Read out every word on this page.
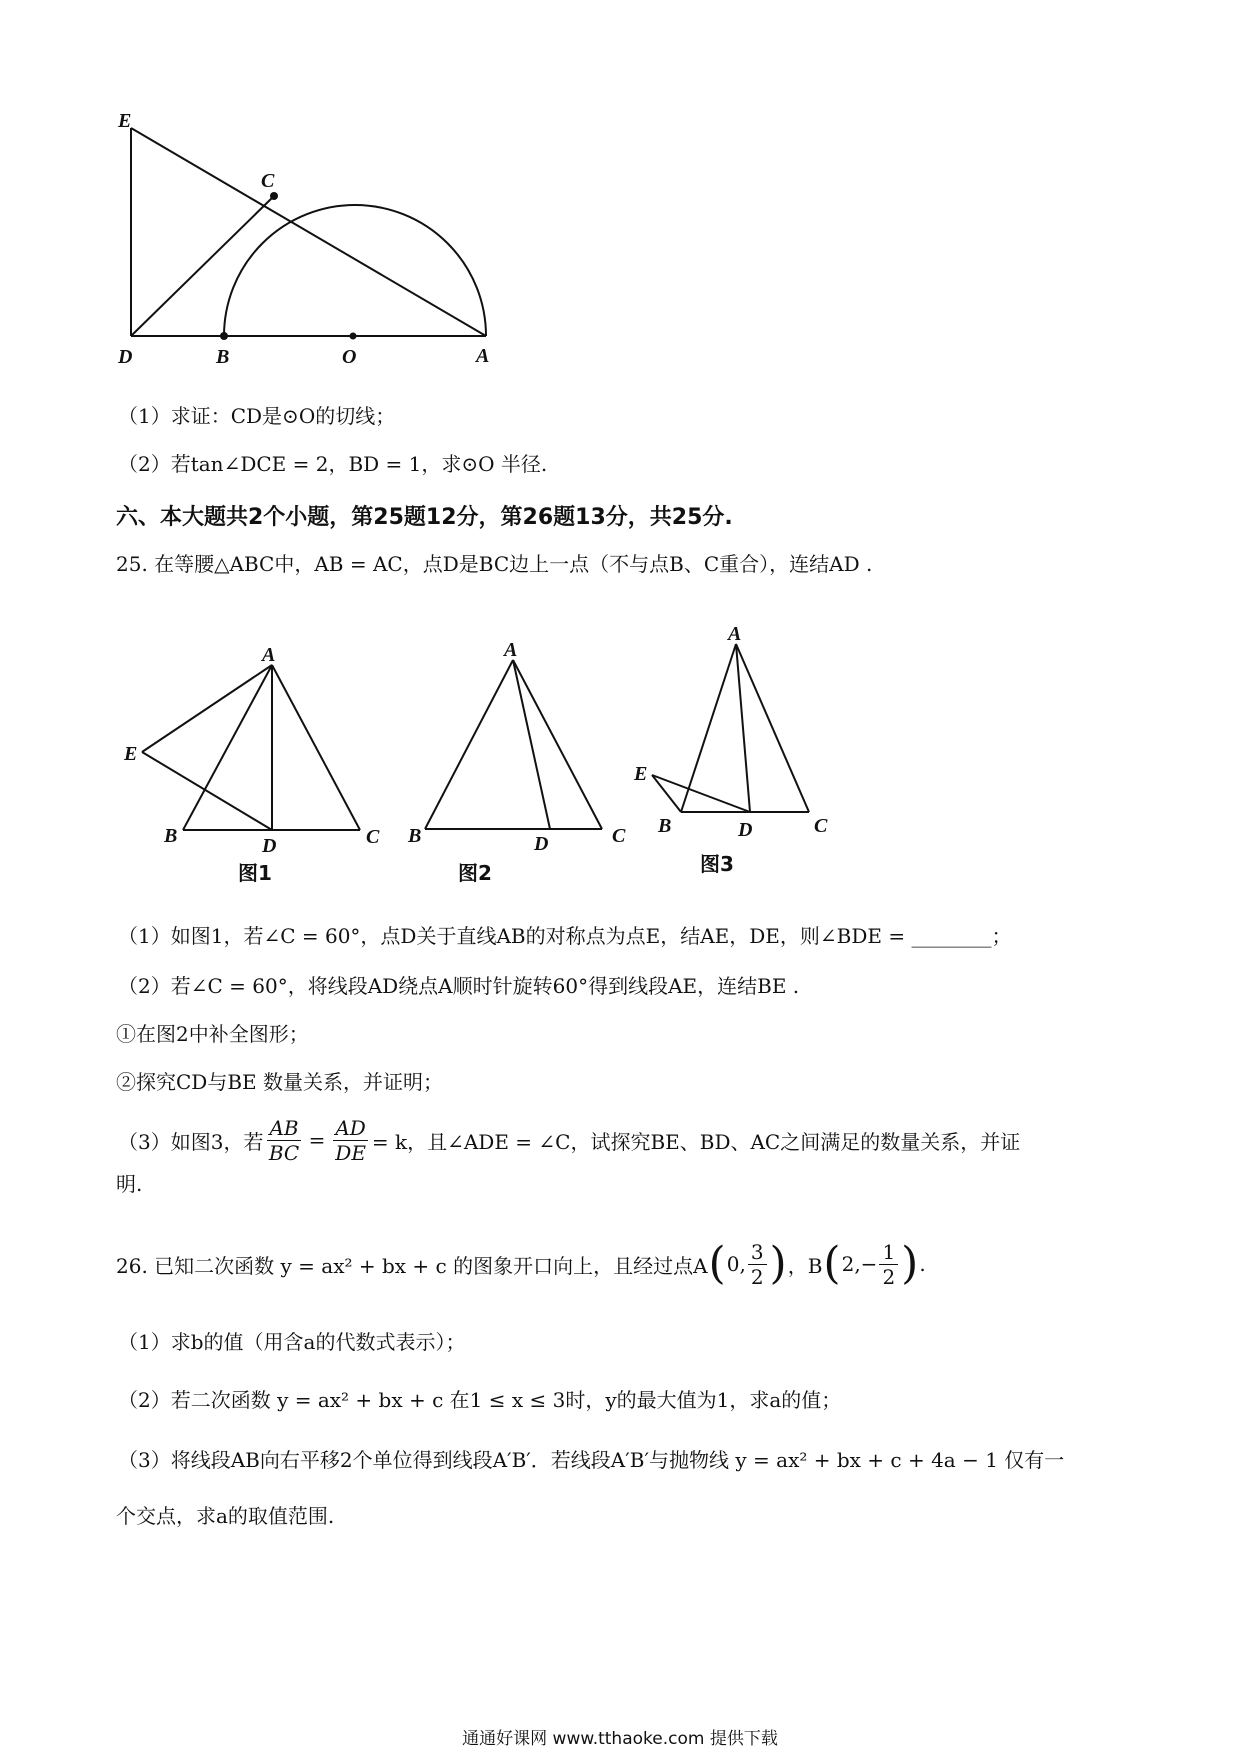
E
C
D	B	O	A
（1）求证：CD是⊙O的切线；
（2）若tan∠DCE = 2，BD = 1，求⊙O 半径.
六、本大题共2个小题，第25题12分，第26题13分，共25分.
25. 在等腰△ABC中，AB = AC，点D是BC边上一点（不与点B、C重合），连结AD .
A
E
B	D	C
图1
A
B	D	C
图2
A
E
B	D	C
图3
（1）如图1，若∠C = 60°，点D关于直线AB的对称点为点E，结AE，DE，则∠BDE = ________；
（2）若∠C = 60°，将线段AD绕点A顺时针旋转60°得到线段AE，连结BE .
①在图2中补全图形；
②探究CD与BE 数量关系，并证明；
（3）如图3，若 $\frac{AB}{BC} = \frac{AD}{DE} = k$，且∠ADE = ∠C，试探究BE、BD、AC之间满足的数量关系，并证
明.
26. 已知二次函数 y = ax² + bx + c 的图象开口向上，且经过点A ( 0, $\frac{3}{2}$ ) ，B ( $2,- \frac{1}{2}$ ) .
（1）求b的值（用含a的代数式表示）；
（2）若二次函数 y = ax² + bx + c 在1 ≤ x ≤ 3时，y的最大值为1，求a的值；
（3）将线段AB向右平移2个单位得到线段A′B′．若线段A′B′与抛物线 y = ax² + bx + c + 4a − 1 仅有一
个交点，求a的取值范围.
通通好课网 www.tthaoke.com 提供下载
